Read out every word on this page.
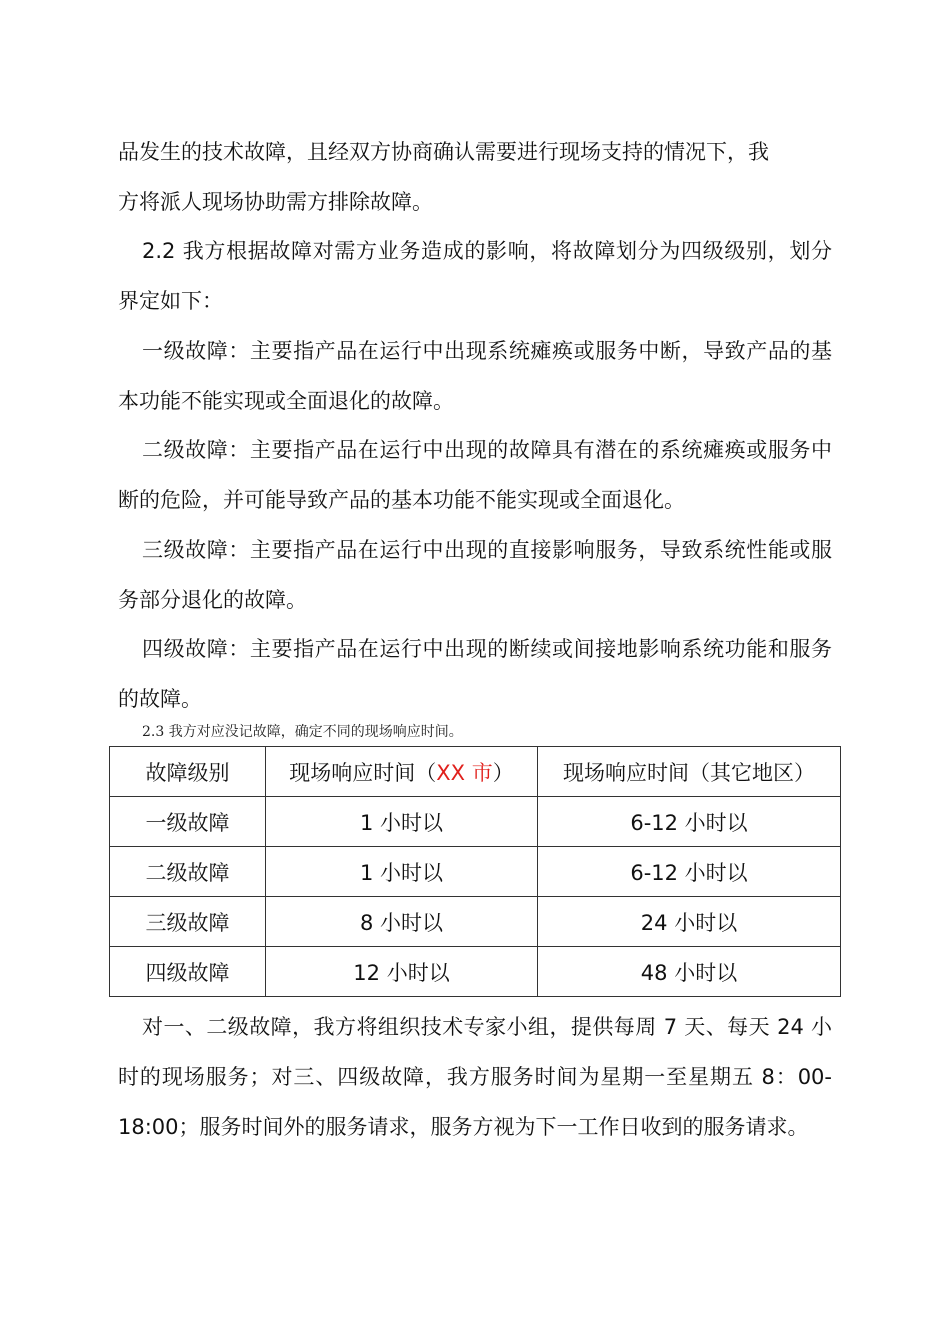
品发生的技术故障，且经双方协商确认需要进行现场支持的情况下，我
方将派人现场协助需方排除故障。

2.2 我方根据故障对需方业务造成的影响，将故障划分为四级级别，划分界定如下：

一级故障：主要指产品在运行中出现系统瘫痪或服务中断，导致产品的基本功能不能实现或全面退化的故障。

二级故障：主要指产品在运行中出现的故障具有潜在的系统瘫痪或服务中断的危险，并可能导致产品的基本功能不能实现或全面退化。

三级故障：主要指产品在运行中出现的直接影响服务，导致系统性能或服务部分退化的故障。

四级故障：主要指产品在运行中出现的断续或间接地影响系统功能和服务的故障。

2.3 我方对应没记故障，确定不同的现场响应时间。

故障级别	现场响应时间（XX 市）	现场响应时间（其它地区）
一级故障	1 小时以	6-12 小时以
二级故障	1 小时以	6-12 小时以
三级故障	8 小时以	24 小时以
四级故障	12 小时以	48 小时以

对一、二级故障，我方将组织技术专家小组，提供每周 7 天、每天 24 小时的现场服务；对三、四级故障，我方服务时间为星期一至星期五 8：00-18:00；服务时间外的服务请求，服务方视为下一工作日收到的服务请求。
